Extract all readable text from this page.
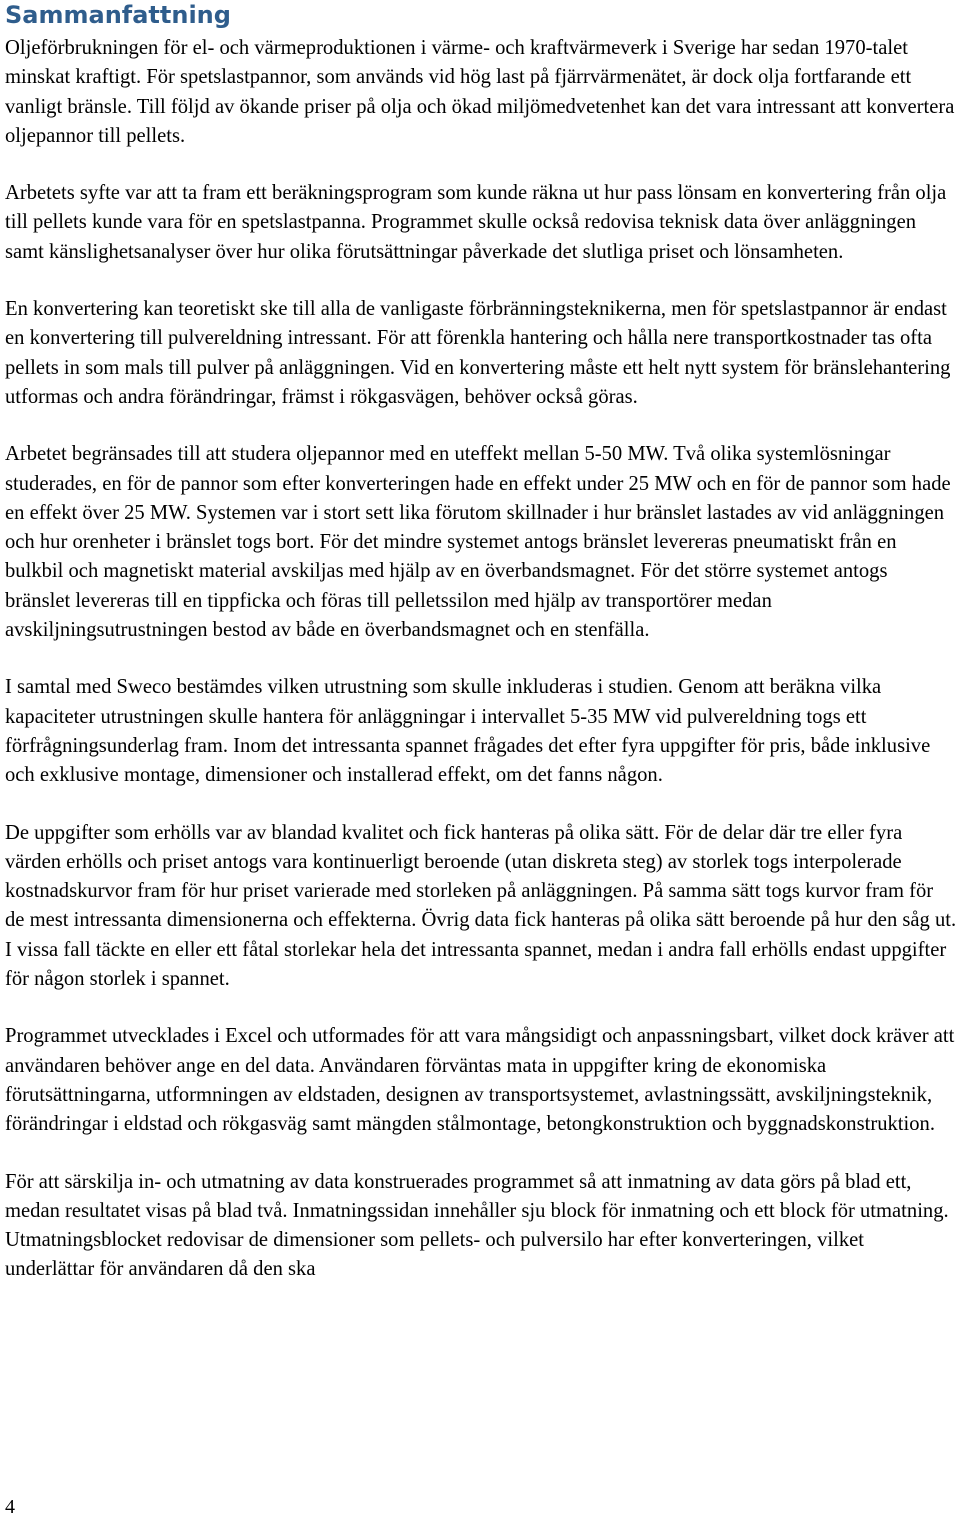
Sammanfattning

Oljeförbrukningen för el- och värmeproduktionen i värme- och kraftvärmeverk i Sverige har sedan 1970-talet minskat kraftigt. För spetslastpannor, som används vid hög last på fjärrvärmenätet, är dock olja fortfarande ett vanligt bränsle. Till följd av ökande priser på olja och ökad miljömedvetenhet kan det vara intressant att konvertera oljepannor till pellets.

Arbetets syfte var att ta fram ett beräkningsprogram som kunde räkna ut hur pass lönsam en konvertering från olja till pellets kunde vara för en spetslastpanna. Programmet skulle också redovisa teknisk data över anläggningen samt känslighetsanalyser över hur olika förutsättningar påverkade det slutliga priset och lönsamheten.

En konvertering kan teoretiskt ske till alla de vanligaste förbränningsteknikerna, men för spetslastpannor är endast en konvertering till pulvereldning intressant. För att förenkla hantering och hålla nere transportkostnader tas ofta pellets in som mals till pulver på anläggningen. Vid en konvertering måste ett helt nytt system för bränslehantering utformas och andra förändringar, främst i rökgasvägen, behöver också göras.

Arbetet begränsades till att studera oljepannor med en uteffekt mellan 5-50 MW. Två olika systemlösningar studerades, en för de pannor som efter konverteringen hade en effekt under 25 MW och en för de pannor som hade en effekt över 25 MW. Systemen var i stort sett lika förutom skillnader i hur bränslet lastades av vid anläggningen och hur orenheter i bränslet togs bort. För det mindre systemet antogs bränslet levereras pneumatiskt från en bulkbil och magnetiskt material avskiljas med hjälp av en överbandsmagnet. För det större systemet antogs bränslet levereras till en tippficka och föras till pelletssilon med hjälp av transportörer medan avskiljningsutrustningen bestod av både en överbandsmagnet och en stenfälla.

I samtal med Sweco bestämdes vilken utrustning som skulle inkluderas i studien. Genom att beräkna vilka kapaciteter utrustningen skulle hantera för anläggningar i intervallet 5-35 MW vid pulvereldning togs ett förfrågningsunderlag fram. Inom det intressanta spannet frågades det efter fyra uppgifter för pris, både inklusive och exklusive montage, dimensioner och installerad effekt, om det fanns någon.

De uppgifter som erhölls var av blandad kvalitet och fick hanteras på olika sätt. För de delar där tre eller fyra värden erhölls och priset antogs vara kontinuerligt beroende (utan diskreta steg) av storlek togs interpolerade kostnadskurvor fram för hur priset varierade med storleken på anläggningen. På samma sätt togs kurvor fram för de mest intressanta dimensionerna och effekterna. Övrig data fick hanteras på olika sätt beroende på hur den såg ut. I vissa fall täckte en eller ett fåtal storlekar hela det intressanta spannet, medan i andra fall erhölls endast uppgifter för någon storlek i spannet.

Programmet utvecklades i Excel och utformades för att vara mångsidigt och anpassningsbart, vilket dock kräver att användaren behöver ange en del data. Användaren förväntas mata in uppgifter kring de ekonomiska förutsättningarna, utformningen av eldstaden, designen av transportsystemet, avlastningssätt, avskiljningsteknik, förändringar i eldstad och rökgasväg samt mängden stålmontage, betongkonstruktion och byggnadskonstruktion.

För att särskilja in- och utmatning av data konstruerades programmet så att inmatning av data görs på blad ett, medan resultatet visas på blad två. Inmatningssidan innehåller sju block för inmatning och ett block för utmatning. Utmatningsblocket redovisar de dimensioner som pellets- och pulversilo har efter konverteringen, vilket underlättar för användaren då den ska

4
